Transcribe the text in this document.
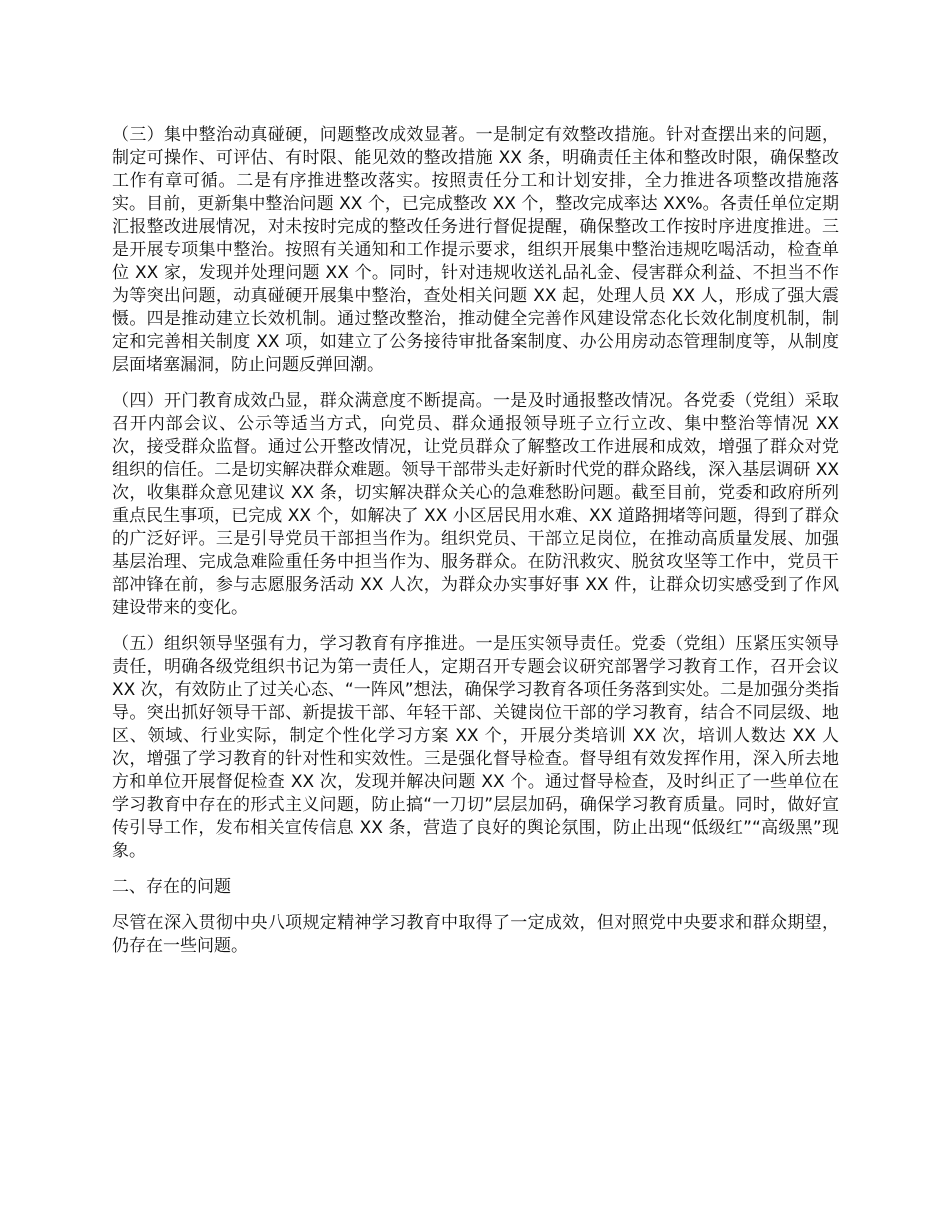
（三）集中整治动真碰硬，问题整改成效显著。一是制定有效整改措施。针对查摆出来的问题，制定可操作、可评估、有时限、能见效的整改措施 XX 条，明确责任主体和整改时限，确保整改工作有章可循。二是有序推进整改落实。按照责任分工和计划安排，全力推进各项整改措施落实。目前，更新集中整治问题 XX 个，已完成整改 XX 个，整改完成率达 XX%。各责任单位定期汇报整改进展情况，对未按时完成的整改任务进行督促提醒，确保整改工作按时序进度推进。三是开展专项集中整治。按照有关通知和工作提示要求，组织开展集中整治违规吃喝活动，检查单位 XX 家，发现并处理问题 XX 个。同时，针对违规收送礼品礼金、侵害群众利益、不担当不作为等突出问题，动真碰硬开展集中整治，查处相关问题 XX 起，处理人员 XX 人，形成了强大震慑。四是推动建立长效机制。通过整改整治，推动健全完善作风建设常态化长效化制度机制，制定和完善相关制度 XX 项，如建立了公务接待审批备案制度、办公用房动态管理制度等，从制度层面堵塞漏洞，防止问题反弹回潮。

（四）开门教育成效凸显，群众满意度不断提高。一是及时通报整改情况。各党委（党组）采取召开内部会议、公示等适当方式，向党员、群众通报领导班子立行立改、集中整治等情况 XX 次，接受群众监督。通过公开整改情况，让党员群众了解整改工作进展和成效，增强了群众对党组织的信任。二是切实解决群众难题。领导干部带头走好新时代党的群众路线，深入基层调研 XX 次，收集群众意见建议 XX 条，切实解决群众关心的急难愁盼问题。截至目前，党委和政府所列重点民生事项，已完成 XX 个，如解决了 XX 小区居民用水难、XX 道路拥堵等问题，得到了群众的广泛好评。三是引导党员干部担当作为。组织党员、干部立足岗位，在推动高质量发展、加强基层治理、完成急难险重任务中担当作为、服务群众。在防汛救灾、脱贫攻坚等工作中，党员干部冲锋在前，参与志愿服务活动 XX 人次，为群众办实事好事 XX 件，让群众切实感受到了作风建设带来的变化。

（五）组织领导坚强有力，学习教育有序推进。一是压实领导责任。党委（党组）压紧压实领导责任，明确各级党组织书记为第一责任人，定期召开专题会议研究部署学习教育工作，召开会议 XX 次，有效防止了过关心态、“一阵风”想法，确保学习教育各项任务落到实处。二是加强分类指导。突出抓好领导干部、新提拔干部、年轻干部、关键岗位干部的学习教育，结合不同层级、地区、领域、行业实际，制定个性化学习方案 XX 个，开展分类培训 XX 次，培训人数达 XX 人次，增强了学习教育的针对性和实效性。三是强化督导检查。督导组有效发挥作用，深入所去地方和单位开展督促检查 XX 次，发现并解决问题 XX 个。通过督导检查，及时纠正了一些单位在学习教育中存在的形式主义问题，防止搞“一刀切”层层加码，确保学习教育质量。同时，做好宣传引导工作，发布相关宣传信息 XX 条，营造了良好的舆论氛围，防止出现“低级红”“高级黑”现象。

二、存在的问题

尽管在深入贯彻中央八项规定精神学习教育中取得了一定成效，但对照党中央要求和群众期望，仍存在一些问题。
